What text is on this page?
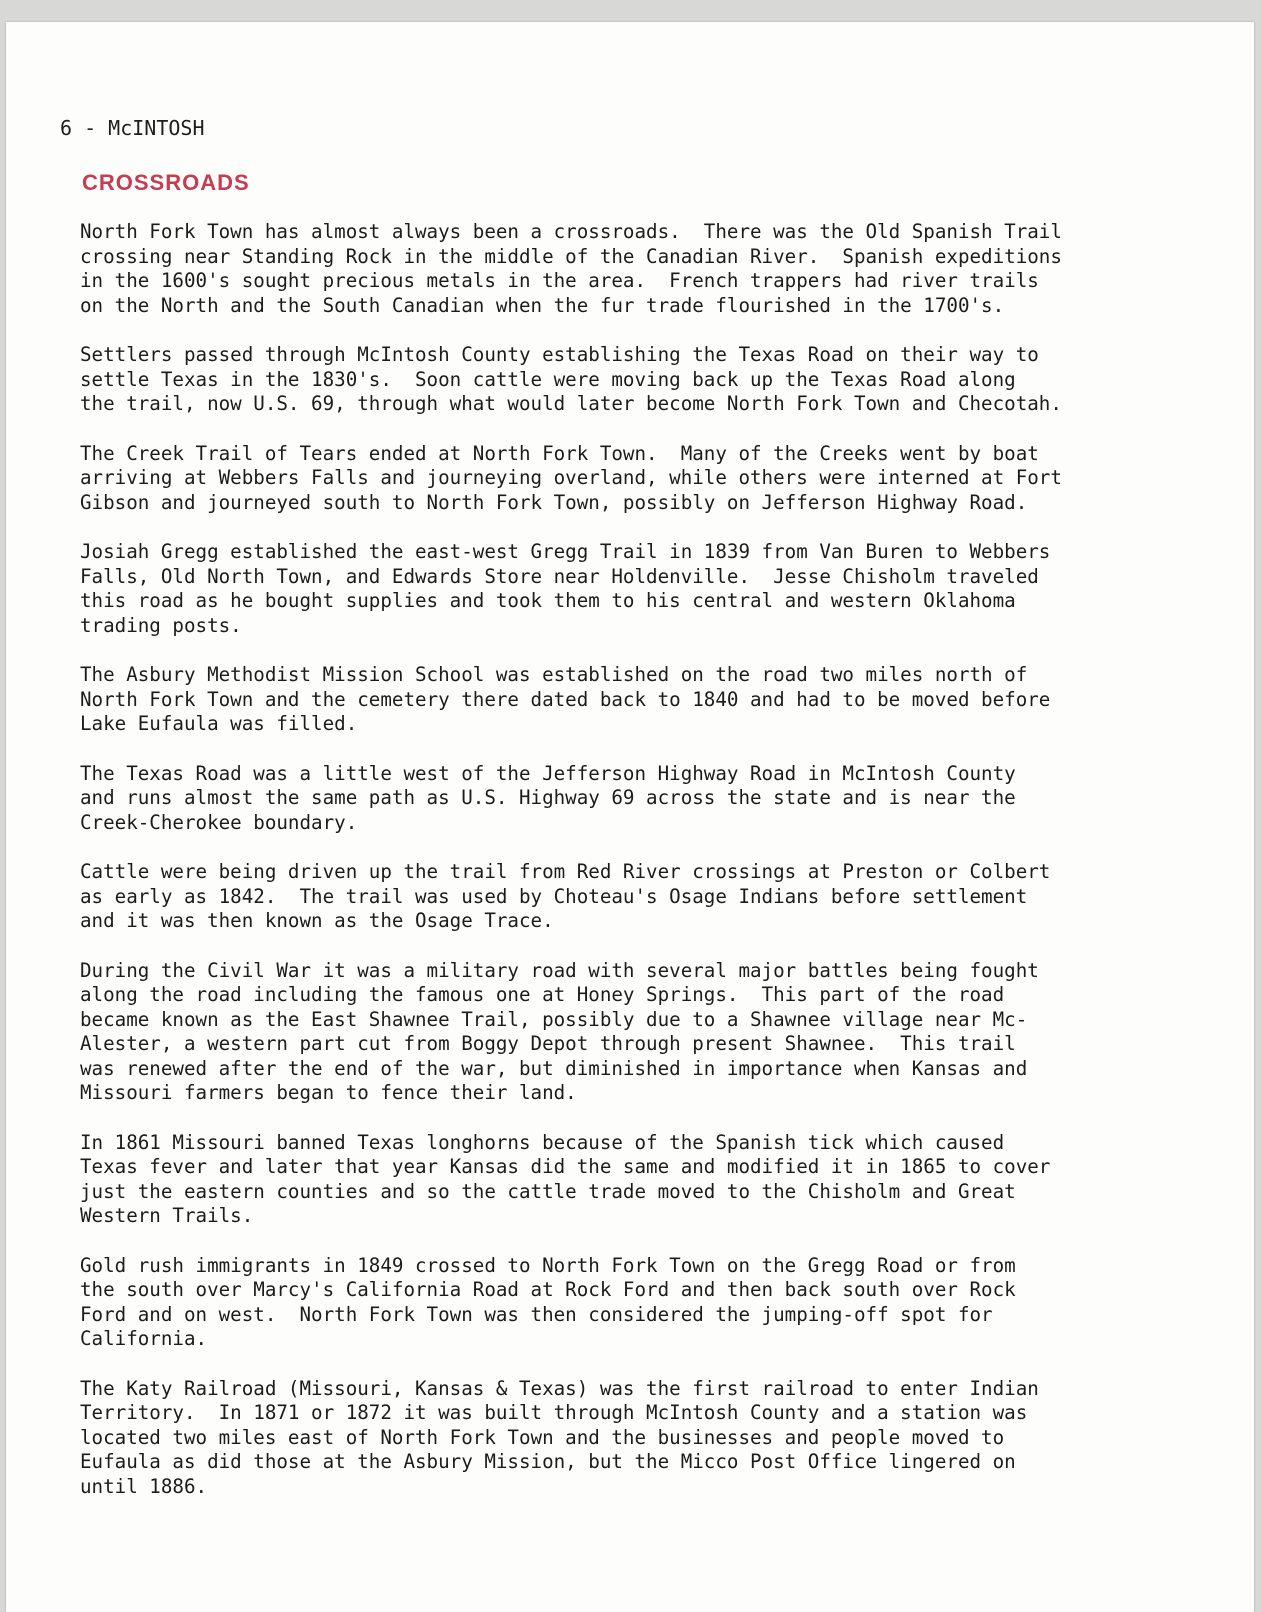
6 - McINTOSH
CROSSROADS

North Fork Town has almost always been a crossroads.  There was the Old Spanish Trail
crossing near Standing Rock in the middle of the Canadian River.  Spanish expeditions
in the 1600's sought precious metals in the area.  French trappers had river trails
on the North and the South Canadian when the fur trade flourished in the 1700's.

Settlers passed through McIntosh County establishing the Texas Road on their way to
settle Texas in the 1830's.  Soon cattle were moving back up the Texas Road along
the trail, now U.S. 69, through what would later become North Fork Town and Checotah.

The Creek Trail of Tears ended at North Fork Town.  Many of the Creeks went by boat
arriving at Webbers Falls and journeying overland, while others were interned at Fort
Gibson and journeyed south to North Fork Town, possibly on Jefferson Highway Road.

Josiah Gregg established the east-west Gregg Trail in 1839 from Van Buren to Webbers
Falls, Old North Town, and Edwards Store near Holdenville.  Jesse Chisholm traveled
this road as he bought supplies and took them to his central and western Oklahoma
trading posts.

The Asbury Methodist Mission School was established on the road two miles north of
North Fork Town and the cemetery there dated back to 1840 and had to be moved before
Lake Eufaula was filled.

The Texas Road was a little west of the Jefferson Highway Road in McIntosh County
and runs almost the same path as U.S. Highway 69 across the state and is near the
Creek-Cherokee boundary.

Cattle were being driven up the trail from Red River crossings at Preston or Colbert
as early as 1842.  The trail was used by Choteau's Osage Indians before settlement
and it was then known as the Osage Trace.

During the Civil War it was a military road with several major battles being fought
along the road including the famous one at Honey Springs.  This part of the road
became known as the East Shawnee Trail, possibly due to a Shawnee village near Mc-
Alester, a western part cut from Boggy Depot through present Shawnee.  This trail
was renewed after the end of the war, but diminished in importance when Kansas and
Missouri farmers began to fence their land.

In 1861 Missouri banned Texas longhorns because of the Spanish tick which caused
Texas fever and later that year Kansas did the same and modified it in 1865 to cover
just the eastern counties and so the cattle trade moved to the Chisholm and Great
Western Trails.

Gold rush immigrants in 1849 crossed to North Fork Town on the Gregg Road or from
the south over Marcy's California Road at Rock Ford and then back south over Rock
Ford and on west.  North Fork Town was then considered the jumping-off spot for
California.

The Katy Railroad (Missouri, Kansas & Texas) was the first railroad to enter Indian
Territory.  In 1871 or 1872 it was built through McIntosh County and a station was
located two miles east of North Fork Town and the businesses and people moved to
Eufaula as did those at the Asbury Mission, but the Micco Post Office lingered on
until 1886.
